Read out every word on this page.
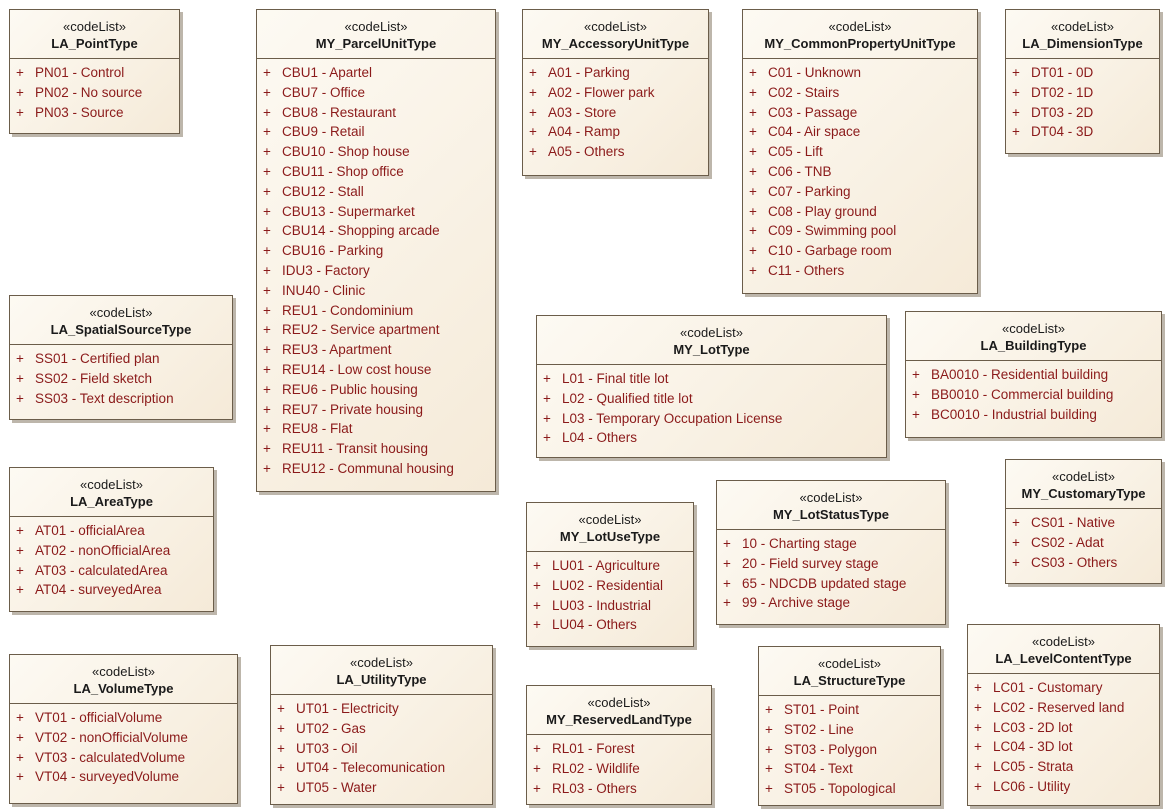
«codeList»
LA_PointType
+ PN01 - Control
+ PN02 - No source
+ PN03 - Source
«codeList»
MY_ParcelUnitType
+ CBU1 - Apartel
+ CBU7 - Office
+ CBU8 - Restaurant
+ CBU9 - Retail
+ CBU10 - Shop house
+ CBU11 - Shop office
+ CBU12 - Stall
+ CBU13 - Supermarket
+ CBU14 - Shopping arcade
+ CBU16 - Parking
+ IDU3 - Factory
+ INU40 - Clinic
+ REU1 - Condominium
+ REU2 - Service apartment
+ REU3 - Apartment
+ REU14 - Low cost house
+ REU6 - Public housing
+ REU7 - Private housing
+ REU8 - Flat
+ REU11 - Transit housing
+ REU12 - Communal housing
«codeList»
MY_AccessoryUnitType
+ A01 - Parking
+ A02 - Flower park
+ A03 - Store
+ A04 - Ramp
+ A05 - Others
«codeList»
MY_CommonPropertyUnitType
+ C01 - Unknown
+ C02 - Stairs
+ C03 - Passage
+ C04 - Air space
+ C05 - Lift
+ C06 - TNB
+ C07 - Parking
+ C08 - Play ground
+ C09 - Swimming pool
+ C10 - Garbage room
+ C11 - Others
«codeList»
LA_DimensionType
+ DT01 - 0D
+ DT02 - 1D
+ DT03 - 2D
+ DT04 - 3D
«codeList»
LA_SpatialSourceType
+ SS01 - Certified plan
+ SS02 - Field sketch
+ SS03 - Text description
«codeList»
MY_LotType
+ L01 - Final title lot
+ L02 - Qualified title lot
+ L03 - Temporary Occupation License
+ L04 - Others
«codeList»
LA_BuildingType
+ BA0010 - Residential building
+ BB0010 - Commercial building
+ BC0010 - Industrial building
«codeList»
LA_AreaType
+ AT01 - officialArea
+ AT02 - nonOfficialArea
+ AT03 - calculatedArea
+ AT04 - surveyedArea
«codeList»
MY_CustomaryType
+ CS01 - Native
+ CS02 - Adat
+ CS03 - Others
«codeList»
MY_LotStatusType
+ 10 - Charting stage
+ 20 - Field survey stage
+ 65 - NDCDB updated stage
+ 99 - Archive stage
«codeList»
MY_LotUseType
+ LU01 - Agriculture
+ LU02 - Residential
+ LU03 - Industrial
+ LU04 - Others
«codeList»
LA_LevelContentType
+ LC01 - Customary
+ LC02 - Reserved land
+ LC03 - 2D lot
+ LC04 - 3D lot
+ LC05 - Strata
+ LC06 - Utility
«codeList»
LA_VolumeType
+ VT01 - officialVolume
+ VT02 - nonOfficialVolume
+ VT03 - calculatedVolume
+ VT04 - surveyedVolume
«codeList»
LA_UtilityType
+ UT01 - Electricity
+ UT02 - Gas
+ UT03 - Oil
+ UT04 - Telecomunication
+ UT05 - Water
«codeList»
LA_StructureType
+ ST01 - Point
+ ST02 - Line
+ ST03 - Polygon
+ ST04 - Text
+ ST05 - Topological
«codeList»
MY_ReservedLandType
+ RL01 - Forest
+ RL02 - Wildlife
+ RL03 - Others
